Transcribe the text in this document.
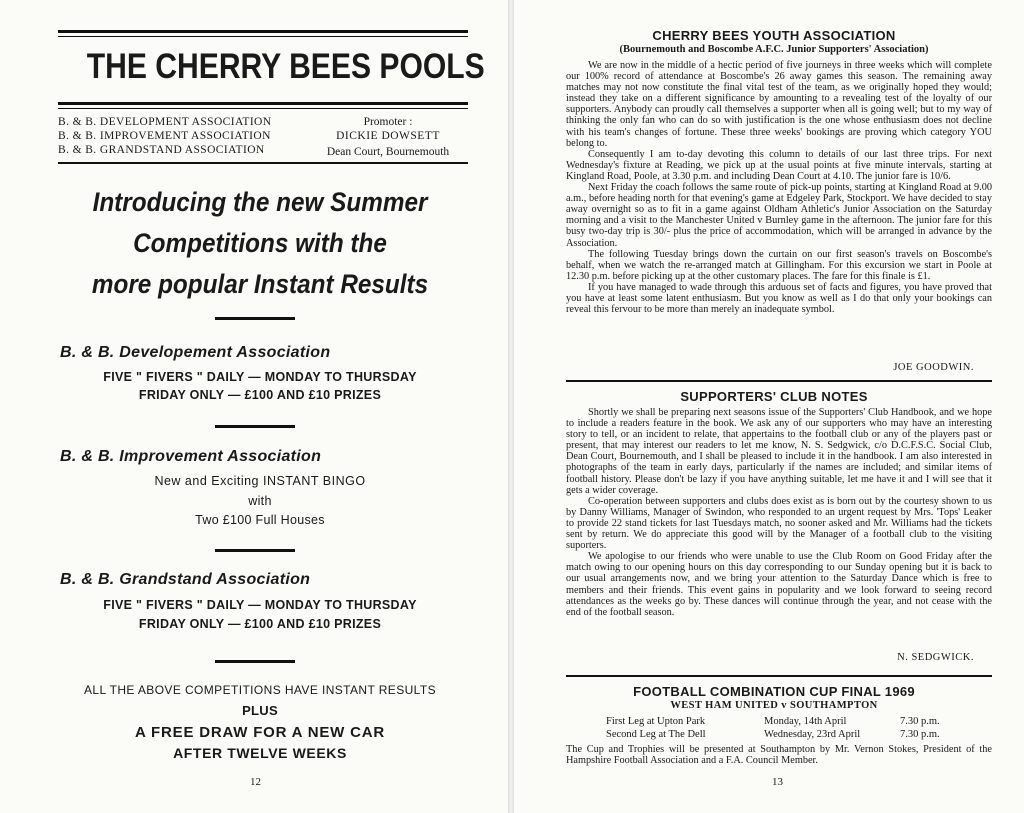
THE CHERRY BEES POOLS
B. & B. DEVELOPMENT ASSOCIATION
B. & B. IMPROVEMENT ASSOCIATION
B. & B. GRANDSTAND ASSOCIATION
Promoter :
DICKIE DOWSETT
Dean Court, Bournemouth
Introducing the new Summer
Competitions with the
more popular Instant Results
B. & B. Developement Association
FIVE " FIVERS " DAILY — MONDAY TO THURSDAY
FRIDAY ONLY — £100 AND £10 PRIZES
B. & B. Improvement Association
New and Exciting INSTANT BINGO
with
Two £100 Full Houses
B. & B. Grandstand Association
FIVE " FIVERS " DAILY — MONDAY TO THURSDAY
FRIDAY ONLY — £100 AND £10 PRIZES
ALL THE ABOVE COMPETITIONS HAVE INSTANT RESULTS
PLUS
A FREE DRAW FOR A NEW CAR
AFTER TWELVE WEEKS
12
CHERRY BEES YOUTH ASSOCIATION
(Bournemouth and Boscombe A.F.C. Junior Supporters' Association)

We are now in the middle of a hectic period of five journeys in three weeks which will complete our 100% record of attendance at Boscombe's 26 away games this season. The remaining away matches may not now constitute the final vital test of the team, as we originally hoped they would; instead they take on a different significance by amounting to a revealing test of the loyalty of our supporters. Anybody can proudly call themselves a supporter when all is going well; but to my way of thinking the only fan who can do so with justification is the one whose enthusiasm does not decline with his team's changes of fortune. These three weeks' bookings are proving which category YOU belong to.

Consequently I am to-day devoting this column to details of our last three trips. For next Wednesday's fixture at Reading, we pick up at the usual points at five minute intervals, starting at Kingland Road, Poole, at 3.30 p.m. and including Dean Court at 4.10. The junior fare is 10/6.

Next Friday the coach follows the same route of pick-up points, starting at Kingland Road at 9.00 a.m., before heading north for that evening's game at Edgeley Park, Stockport. We have decided to stay away overnight so as to fit in a game against Oldham Athletic's Junior Association on the Saturday morning and a visit to the Manchester United v Burnley game in the afternoon. The junior fare for this busy two-day trip is 30/- plus the price of accommodation, which will be arranged in advance by the Association.

The following Tuesday brings down the curtain on our first season's travels on Boscombe's behalf, when we watch the re-arranged match at Gillingham. For this excursion we start in Poole at 12.30 p.m. before picking up at the other customary places. The fare for this finale is £1.

If you have managed to wade through this arduous set of facts and figures, you have proved that you have at least some latent enthusiasm. But you know as well as I do that only your bookings can reveal this fervour to be more than merely an inadequate symbol.

JOE GOODWIN.
SUPPORTERS' CLUB NOTES

Shortly we shall be preparing next seasons issue of the Supporters' Club Handbook, and we hope to include a readers feature in the book. We ask any of our supporters who may have an interesting story to tell, or an incident to relate, that appertains to the football club or any of the players past or present, that may interest our readers to let me know, N. S. Sedgwick, c/o D.C.F.S.C. Social Club, Dean Court, Bournemouth, and I shall be pleased to include it in the handbook. I am also interested in photographs of the team in early days, particularly if the names are included; and similar items of football history. Please don't be lazy if you have anything suitable, let me have it and I will see that it gets a wider coverage.

Co-operation between supporters and clubs does exist as is born out by the courtesy shown to us by Danny Williams, Manager of Swindon, who responded to an urgent request by Mrs. 'Tops' Leaker to provide 22 stand tickets for last Tuesdays match, no sooner asked and Mr. Williams had the tickets sent by return. We do appreciate this good will by the Manager of a football club to the visiting suporters.

We apologise to our friends who were unable to use the Club Room on Good Friday after the match owing to our opening hours on this day corresponding to our Sunday opening but it is back to our usual arrangements now, and we bring your attention to the Saturday Dance which is free to members and their friends. This event gains in popularity and we look forward to seeing record attendances as the weeks go by. These dances will continue through the year, and not cease with the end of the football season.

N. SEDGWICK.
FOOTBALL COMBINATION CUP FINAL 1969
WEST HAM UNITED v SOUTHAMPTON
First Leg at Upton Park	Monday, 14th April	7.30 p.m.
Second Leg at The Dell	Wednesday, 23rd April	7.30 p.m.

The Cup and Trophies will be presented at Southampton by Mr. Vernon Stokes, President of the Hampshire Football Association and a F.A. Council Member.

13
